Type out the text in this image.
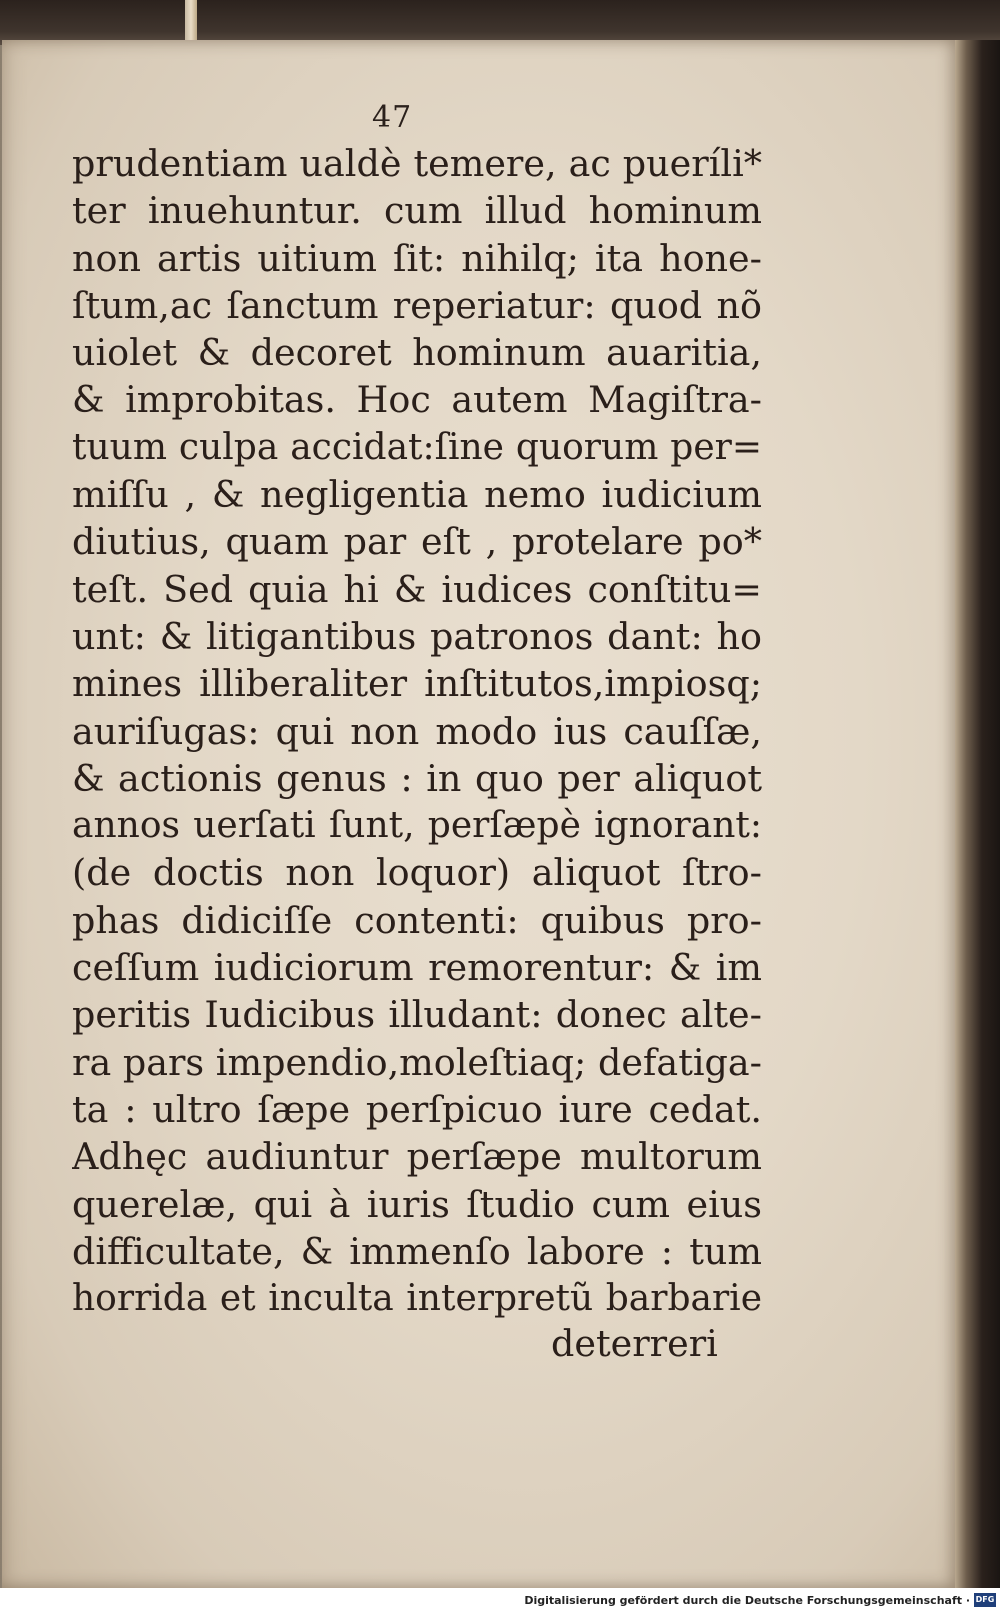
47
prudentiam ualdè temere, ac pueríli*
ter inuehuntur. cum illud hominum
non artis uitium ſit: nihilq; ita hone-
ſtum,ac ſanctum reperiatur: quod nõ
uiolet & decoret hominum auaritia,
& improbitas. Hoc autem Magiſtra-
tuum culpa accidat:ſine quorum per=
miſſu , & negligentia nemo iudicium
diutius, quam par eſt , protelare po*
teſt. Sed quia hi & iudices conſtitu=
unt: & litigantibus patronos dant: ho
mines illiberaliter inſtitutos,impiosq;
auriſugas: qui non modo ius cauſſæ,
& actionis genus : in quo per aliquot
annos uerſati ſunt, perſæpè ignorant:
(de doctis non loquor) aliquot ſtro-
phas didiciſſe contenti: quibus pro-
ceſſum iudiciorum remorentur: & im
peritis Iudicibus illudant: donec alte-
ra pars impendio,moleſtiaq; defatiga-
ta : ultro ſæpe perſpicuo iure cedat.
Adhęc audiuntur perſæpe multorum
querelæ, qui à iuris ſtudio cum eius
difficultate, & immenſo labore : tum
horrida et inculta interpretũ barbarie
deterreri
Digitalisierung gefördert durch die Deutsche Forschungsgemeinschaft · DFG
